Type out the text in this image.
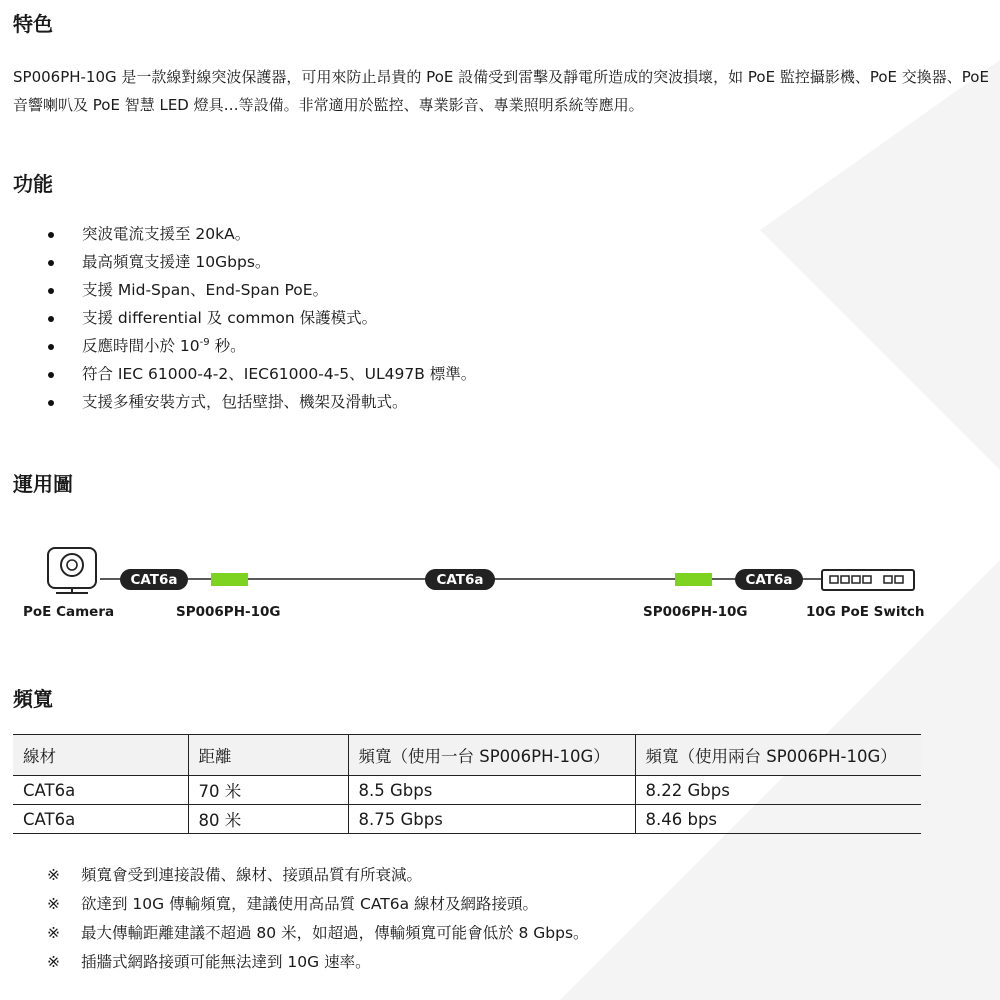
特色

SP006PH-10G 是一款線對線突波保護器，可用來防止昂貴的 PoE 設備受到雷擊及靜電所造成的突波損壞，如 PoE 監控攝影機、PoE 交換器、PoE 音響喇叭及 PoE 智慧 LED 燈具…等設備。非常適用於監控、專業影音、專業照明系統等應用。

功能
突波電流支援至 20kA。
最高頻寬支援達 10Gbps。
支援 Mid-Span、End-Span PoE。
支援 differential 及 common 保護模式。
反應時間小於 $10^{-9}$ 秒。
符合 IEC 61000-4-2、IEC61000-4-5、UL497B 標準。
支援多種安裝方式，包括壁掛、機架及滑軌式。
運用圖
CAT6a	CAT6a	CAT6a
PoE Camera	SP006PH-10G	SP006PH-10G	10G PoE Switch
頻寬
線材	距離	頻寬（使用一台 SP006PH-10G）	頻寬（使用兩台 SP006PH-10G）
CAT6a	70 米	8.5 Gbps	8.22 Gbps
CAT6a	80 米	8.75 Gbps	8.46 bps
※ 頻寬會受到連接設備、線材、接頭品質有所衰減。
※ 欲達到 10G 傳輸頻寬，建議使用高品質 CAT6a 線材及網路接頭。
※ 最大傳輸距離建議不超過 80 米，如超過，傳輸頻寬可能會低於 8 Gbps。
※ 插牆式網路接頭可能無法達到 10G 速率。
